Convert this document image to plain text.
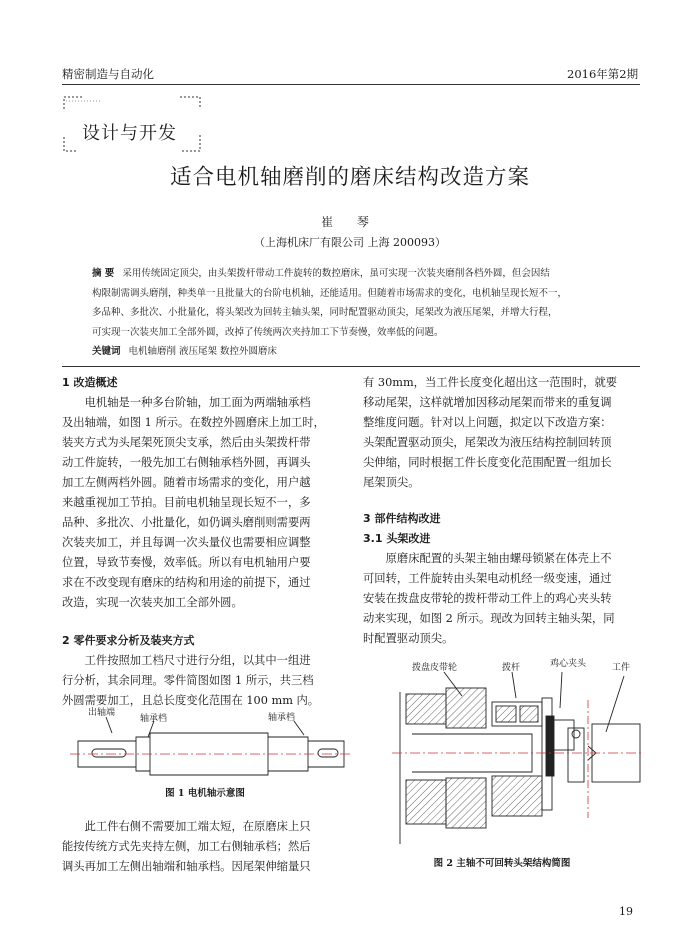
精密制造与自动化	2016年第2期
设计与开发
适合电机轴磨削的磨床结构改造方案
崔 琴
（上海机床厂有限公司 上海 200093）
摘 要 采用传统固定顶尖，由头架拨杆带动工件旋转的数控磨床，虽可实现一次装夹磨削各档外圆，但会因结
构限制需调头磨削，种类单一且批量大的台阶电机轴，还能适用。但随着市场需求的变化，电机轴呈现长短不一，
多品种、多批次、小批量化，将头架改为回转主轴头架，同时配置驱动顶尖，尾架改为液压尾架，并增大行程，
可实现一次装夹加工全部外圆，改掉了传统两次夹持加工下节奏慢，效率低的问题。
关键词 电机轴磨削 液压尾架 数控外圆磨床

1 改造概述

电机轴是一种多台阶轴，加工面为两端轴承档

及出轴端，如图 1 所示。在数控外圆磨床上加工时，

装夹方式为头尾架死顶尖支承，然后由头架拨杆带

动工件旋转，一般先加工右侧轴承档外圆，再调头

加工左侧两档外圆。随着市场需求的变化，用户越

来越重视加工节拍。目前电机轴呈现长短不一，多

品种、多批次、小批量化，如仍调头磨削则需要两

次装夹加工，并且每调一次头量仪也需要相应调整

位置，导致节奏慢，效率低。所以有电机轴用户要

求在不改变现有磨床的结构和用途的前提下，通过

改造，实现一次装夹加工全部外圆。

2 零件要求分析及装夹方式

工件按照加工档尺寸进行分组，以其中一组进

行分析，其余同理。零件简图如图 1 所示，共三档

外圆需要加工，且总长度变化范围在 100 mm 内。

出轴端
轴承档	轴承档
图 1 电机轴示意图

此工件右侧不需要加工端太短，在原磨床上只

能按传统方式先夹持左侧，加工右侧轴承档；然后

调头再加工左侧出轴端和轴承档。因尾架伸缩量只

有 30mm，当工件长度变化超出这一范围时，就要

移动尾架，这样就增加因移动尾架而带来的重复调

整维度问题。针对以上问题，拟定以下改造方案：

头架配置驱动顶尖，尾架改为液压结构控制回转顶

尖伸缩，同时根据工件长度变化范围配置一组加长

尾架顶尖。

3 部件结构改进

3.1 头架改进

原磨床配置的头架主轴由螺母锁紧在体壳上不

可回转，工件旋转由头架电动机经一级变速，通过

安装在拨盘皮带轮的拨杆带动工件上的鸡心夹头转

动来实现，如图 2 所示。现改为回转主轴头架，同

时配置驱动顶尖。

拨盘皮带轮	拨杆	鸡心夹头	工件
图 2 主轴不可回转头架结构简图
19
